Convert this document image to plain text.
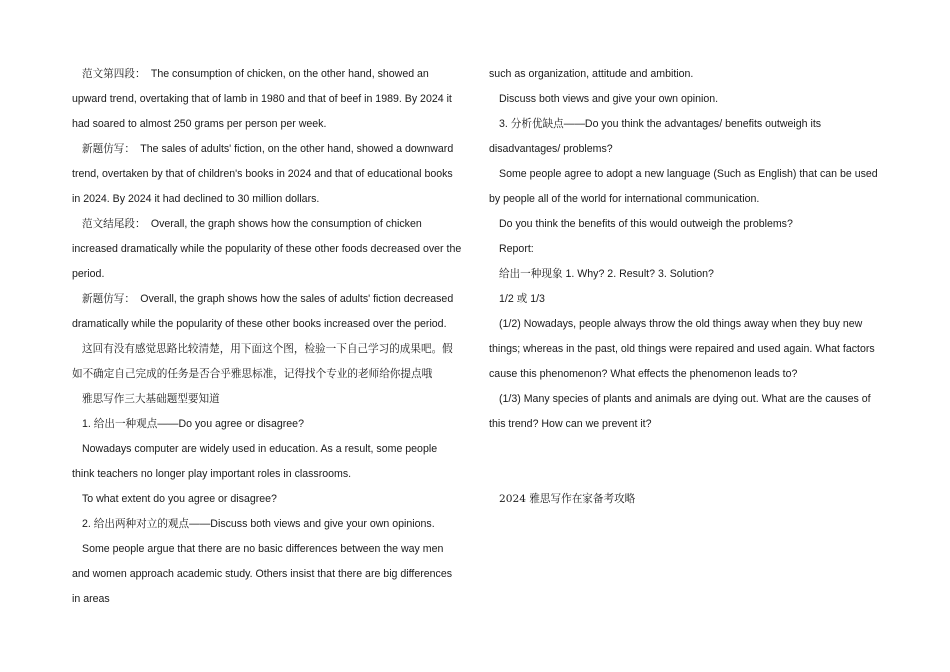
范文第四段：　The consumption of chicken, on the other hand, showed an upward trend, overtaking that of lamb in 1980 and that of beef in 1989. By 2024 it had soared to almost 250 grams per person per week.

新题仿写：　The sales of adults' fiction, on the other hand, showed a downward trend, overtaken by that of children's books in 2024 and that of educational books in 2024. By 2024 it had declined to 30 million dollars.

范文结尾段：　Overall, the graph shows how the consumption of chicken increased dramatically while the popularity of these other foods decreased over the period.

新题仿写：　Overall, the graph shows how the sales of adults' fiction decreased dramatically while the popularity of these other books increased over the period.

这回有没有感觉思路比较清楚，用下面这个图，检验一下自己学习的成果吧。假如不确定自己完成的任务是否合乎雅思标准，记得找个专业的老师给你提点哦

雅思写作三大基础题型要知道

1. 给出一种观点——Do you agree or disagree?

Nowadays computer are widely used in education. As a result, some people think teachers no longer play important roles in classrooms.

To what extent do you agree or disagree?

2. 给出两种对立的观点——Discuss both views and give your own opinions.

Some people argue that there are no basic differences between the way men and women approach academic study. Others insist that there are big differences in areas

such as organization, attitude and ambition.

Discuss both views and give your own opinion.

3. 分析优缺点——Do you think the advantages/ benefits outweigh its disadvantages/ problems?

Some people agree to adopt a new language (Such as English) that can be used by people all of the world for international communication.

Do you think the benefits of this would outweigh the problems?

Report:

给出一种现象 1. Why? 2. Result? 3. Solution?

1/2 或 1/3

(1/2) Nowadays, people always throw the old things away when they buy new things; whereas in the past, old things were repaired and used again. What factors cause this phenomenon? What effects the phenomenon leads to?

(1/3) Many species of plants and animals are dying out. What are the causes of this trend? How can we prevent it?

2024 雅思写作在家备考攻略
